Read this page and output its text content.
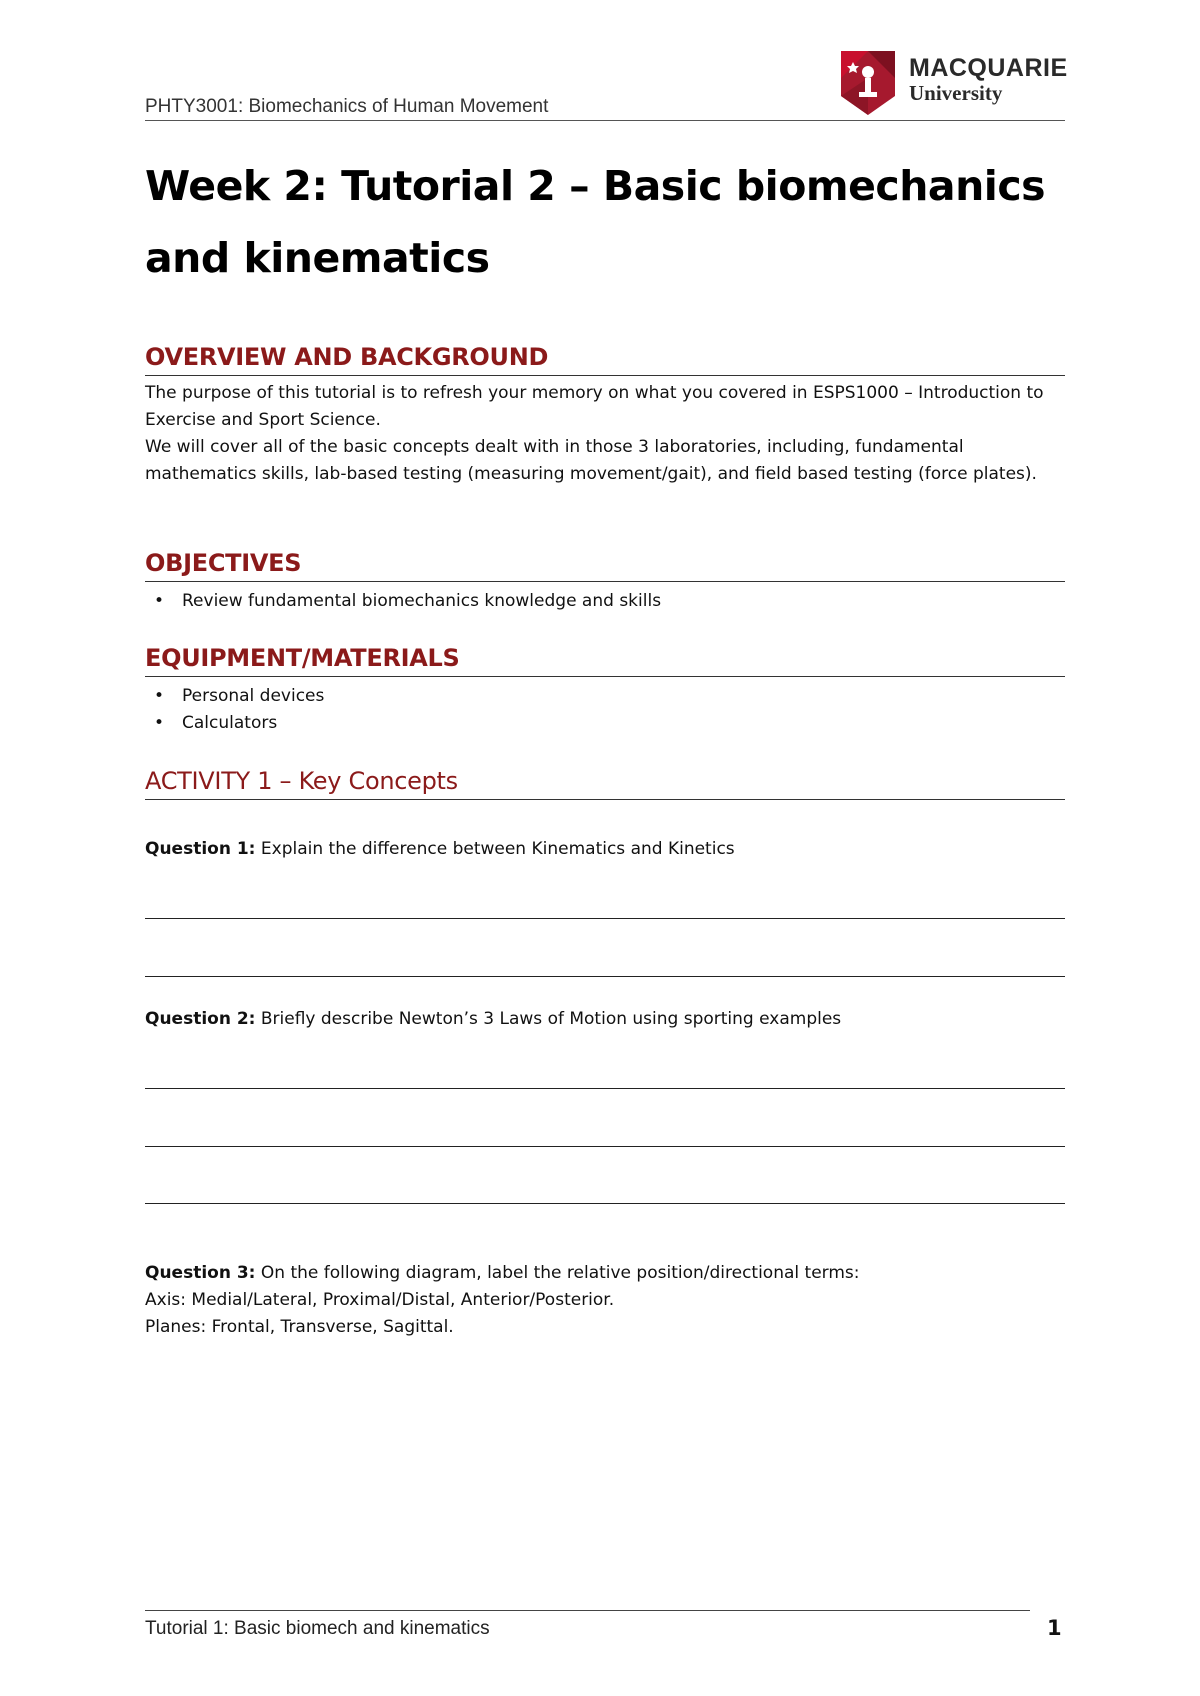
PHTY3001: Biomechanics of Human Movement
MACQUARIE
University
Week 2: Tutorial 2 – Basic biomechanics and kinematics
OVERVIEW AND BACKGROUND

The purpose of this tutorial is to refresh your memory on what you covered in ESPS1000 – Introduction to Exercise and Sport Science.

We will cover all of the basic concepts dealt with in those 3 laboratories, including, fundamental mathematics skills, lab-based testing (measuring movement/gait), and field based testing (force plates).

OBJECTIVES
• Review fundamental biomechanics knowledge and skills
EQUIPMENT/MATERIALS
• Personal devices
• Calculators
ACTIVITY 1 – Key Concepts
Question 1: Explain the difference between Kinematics and Kinetics
Question 2: Briefly describe Newton’s 3 Laws of Motion using sporting examples
Question 3: On the following diagram, label the relative position/directional terms:
Axis: Medial/Lateral, Proximal/Distal, Anterior/Posterior.
Planes: Frontal, Transverse, Sagittal.
Tutorial 1: Basic biomech and kinematics	1
